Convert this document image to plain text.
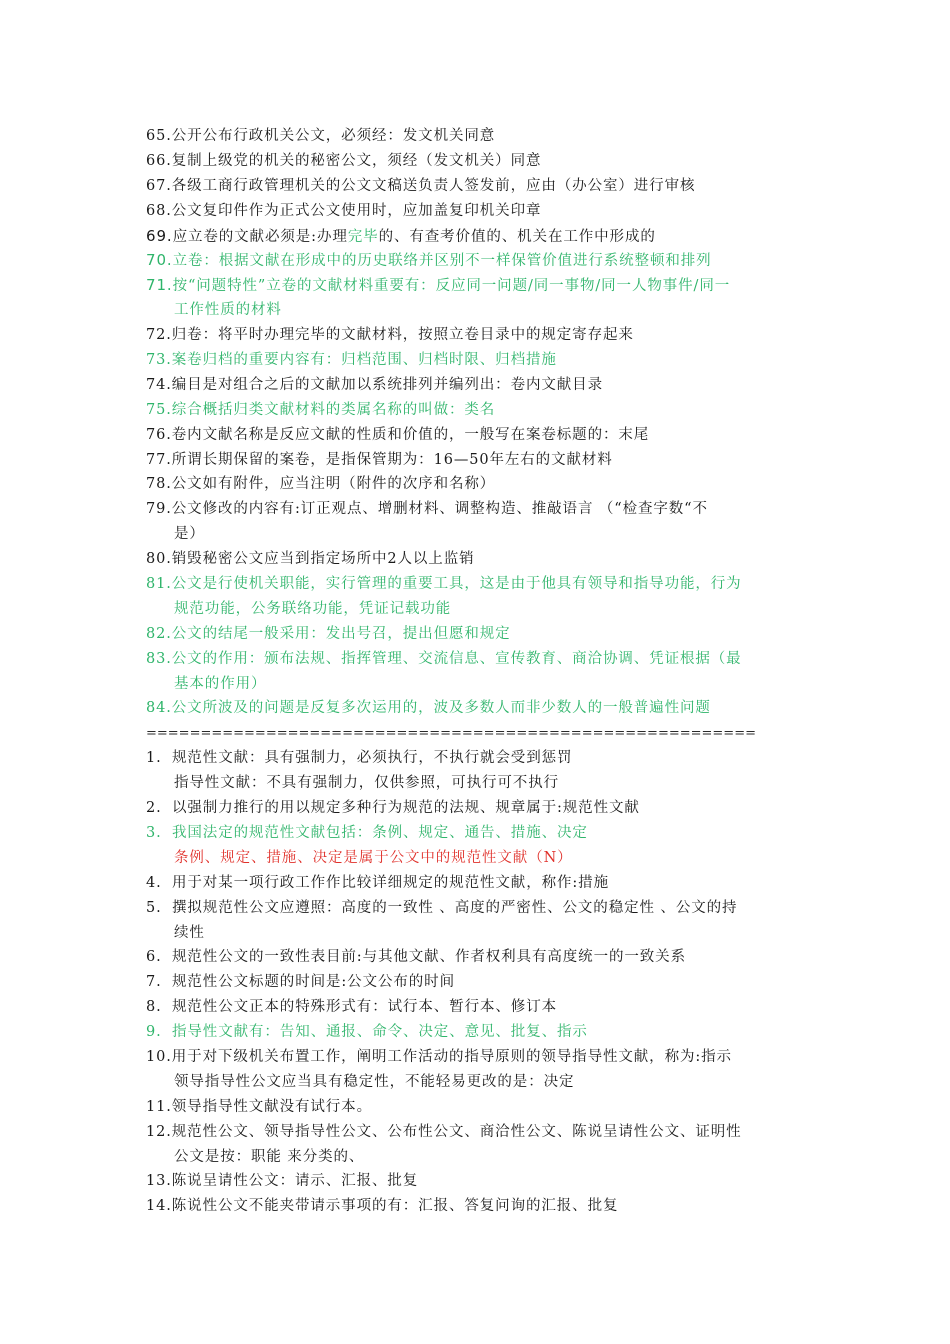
65.公开公布行政机关公文，必须经：发文机关同意
66.复制上级党的机关的秘密公文，须经（发文机关）同意
67.各级工商行政管理机关的公文文稿送负责人签发前，应由（办公室）进行审核
68.公文复印件作为正式公文使用时，应加盖复印机关印章
69.应立卷的文献必须是:办理完毕的、有查考价值的、机关在工作中形成的
70.立卷：根据文献在形成中的历史联络并区别不一样保管价值进行系统整顿和排列
71.按“问题特性”立卷的文献材料重要有：反应同一问题/同一事物/同一人物事件/同一
工作性质的材料
72.归卷：将平时办理完毕的文献材料，按照立卷目录中的规定寄存起来
73.案卷归档的重要内容有：归档范围、归档时限、归档措施
74.编目是对组合之后的文献加以系统排列并编列出：卷内文献目录
75.综合概括归类文献材料的类属名称的叫做：类名
76.卷内文献名称是反应文献的性质和价值的，一般写在案卷标题的：末尾
77.所谓长期保留的案卷，是指保管期为：16—50年左右的文献材料
78.公文如有附件，应当注明（附件的次序和名称）
79.公文修改的内容有:订正观点、增删材料、调整构造、推敲语言 （“检查字数“不
是）
80.销毁秘密公文应当到指定场所中2人以上监销
81.公文是行使机关职能，实行管理的重要工具，这是由于他具有领导和指导功能，行为
规范功能，公务联络功能，凭证记载功能
82.公文的结尾一般采用：发出号召，提出但愿和规定
83.公文的作用：颁布法规、指挥管理、交流信息、宣传教育、商洽协调、凭证根据（最
基本的作用）
84.公文所波及的问题是反复多次运用的，波及多数人而非少数人的一般普遍性问题
========================================================
1. 规范性文献：具有强制力，必须执行，不执行就会受到惩罚
指导性文献：不具有强制力，仅供参照，可执行可不执行
2. 以强制力推行的用以规定多种行为规范的法规、规章属于:规范性文献
3. 我国法定的规范性文献包括：条例、规定、通告、措施、决定
条例、规定、措施、决定是属于公文中的规范性文献（N）
4. 用于对某一项行政工作作比较详细规定的规范性文献，称作:措施
5. 撰拟规范性公文应遵照：高度的一致性 、高度的严密性、公文的稳定性 、公文的持
续性
6. 规范性公文的一致性表目前:与其他文献、作者权利具有高度统一的一致关系
7. 规范性公文标题的时间是:公文公布的时间
8. 规范性公文正本的特殊形式有：试行本、暂行本、修订本
9. 指导性文献有：告知、通报、命令、决定、意见、批复、指示
10.用于对下级机关布置工作，阐明工作活动的指导原则的领导指导性文献，称为:指示
领导指导性公文应当具有稳定性，不能轻易更改的是：决定
11.领导指导性文献没有试行本。
12.规范性公文、领导指导性公文、公布性公文、商洽性公文、陈说呈请性公文、证明性
公文是按：职能 来分类的、
13.陈说呈请性公文：请示、汇报、批复
14.陈说性公文不能夹带请示事项的有：汇报、答复问询的汇报、批复
